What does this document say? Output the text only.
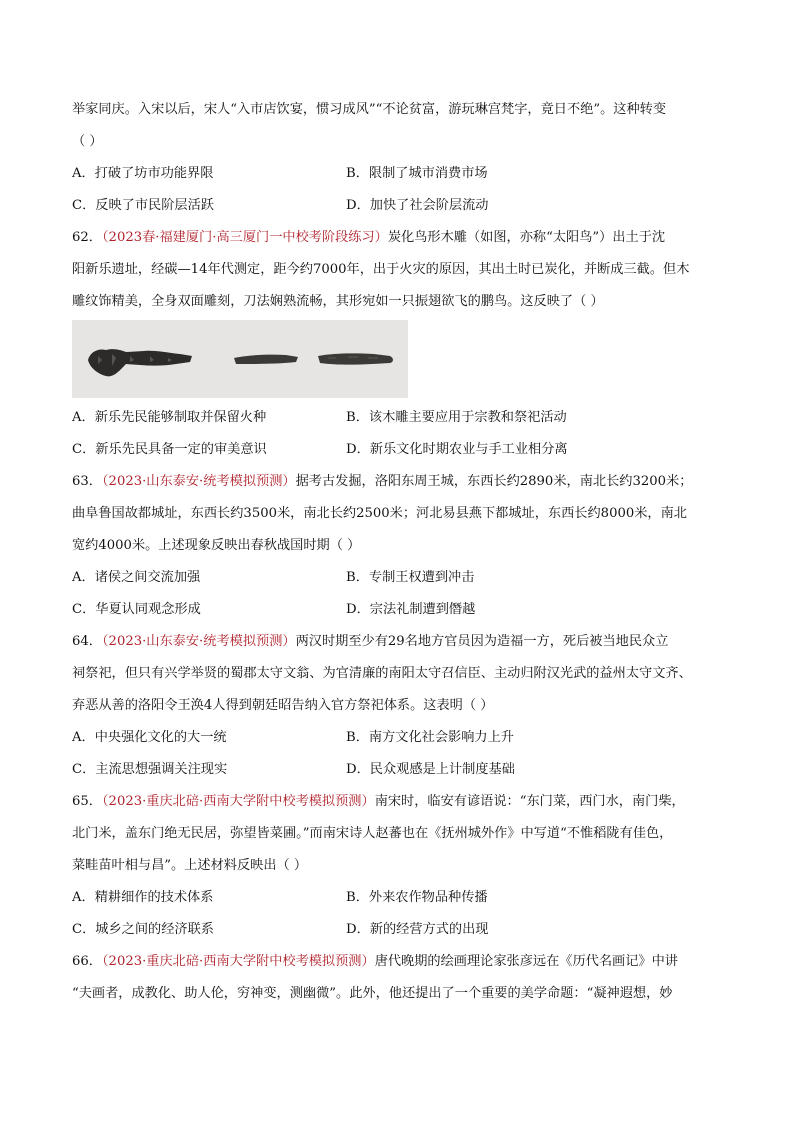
举家同庆。入宋以后，宋人“入市店饮宴，惯习成风”“不论贫富，游玩琳宫梵字，竟日不绝”。这种转变
（ ）
A．打破了坊市功能界限	B．限制了城市消费市场
C．反映了市民阶层活跃	D．加快了社会阶层流动
62．（2023春·福建厦门·高三厦门一中校考阶段练习）炭化鸟形木雕（如图，亦称“太阳鸟”）出土于沈
阳新乐遗址，经碳—14年代测定，距今约7000年，出于火灾的原因，其出土时已炭化，并断成三截。但木
雕纹饰精美，全身双面雕刻，刀法娴熟流畅，其形宛如一只振翅欲飞的鹏鸟。这反映了（ ）
A．新乐先民能够制取并保留火种	B．该木雕主要应用于宗教和祭祀活动
C．新乐先民具备一定的审美意识	D．新乐文化时期农业与手工业相分离
63．（2023·山东泰安·统考模拟预测）据考古发掘，洛阳东周王城，东西长约2890米，南北长约3200米；
曲阜鲁国故都城址，东西长约3500米，南北长约2500米；河北易县燕下都城址，东西长约8000米，南北
宽约4000米。上述现象反映出春秋战国时期（ ）
A．诸侯之间交流加强	B．专制王权遭到冲击
C．华夏认同观念形成	D．宗法礼制遭到僭越
64．（2023·山东泰安·统考模拟预测）两汉时期至少有29名地方官员因为造福一方，死后被当地民众立
祠祭祀，但只有兴学举贤的蜀郡太守文翁、为官清廉的南阳太守召信臣、主动归附汉光武的益州太守文齐、
弃恶从善的洛阳令王涣4人得到朝廷昭告纳入官方祭祀体系。这表明（ ）
A．中央强化文化的大一统	B．南方文化社会影响力上升
C．主流思想强调关注现实	D．民众观感是上计制度基础
65．（2023·重庆北碚·西南大学附中校考模拟预测）南宋时，临安有谚语说：“东门菜，西门水，南门柴，
北门米，盖东门绝无民居，弥望皆菜圃。”而南宋诗人赵蕃也在《抚州城外作》中写道“不惟稻陇有佳色，
菜畦苗叶相与昌”。上述材料反映出（ ）
A．精耕细作的技术体系	B．外来农作物品种传播
C．城乡之间的经济联系	D．新的经营方式的出现
66．（2023·重庆北碚·西南大学附中校考模拟预测）唐代晚期的绘画理论家张彦远在《历代名画记》中讲
“夫画者，成教化、助人伦，穷神变，测幽微”。此外，他还提出了一个重要的美学命题：“凝神遐想，妙
